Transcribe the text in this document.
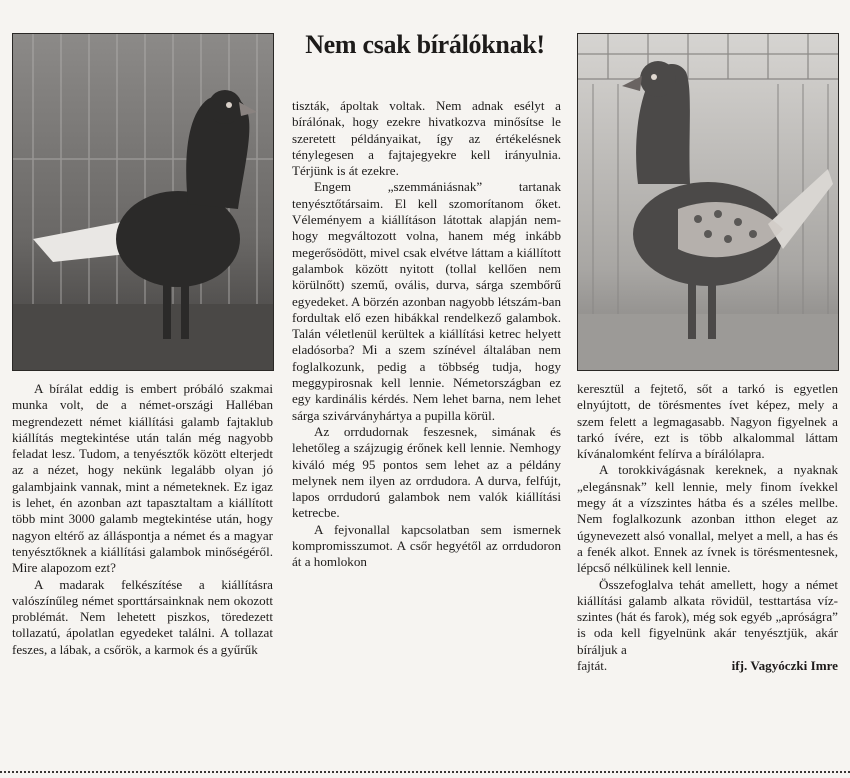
Nem csak bírálóknak!

tiszták, ápoltak voltak. Nem adnak esélyt a bírálónak, hogy ezekre hivatkozva minősítse le szeretett példányaikat, így az értékelésnek ténylegesen a fajtajegyekre kell irányulnia. Térjünk is át ezekre.

Engem „szemmániásnak” tartanak tenyésztőtársaim. El kell szomorítanom őket. Véleményem a kiállításon látottak alapján nem-hogy megváltozott volna, hanem még inkább megerősödött, mivel csak elvétve láttam a kiállított galambok között nyitott (tollal kellően nem körülnőtt) szemű, ovális, durva, sárga szembőrű egyedeket. A börzén azonban nagyobb létszám-ban fordultak elő ezen hibákkal rendelkező galambok. Talán véletlenül kerültek a kiállítási ketrec helyett eladósorba? Mi a szem színével általában nem foglalkozunk, pedig a többség tudja, hogy meggypirosnak kell lennie. Németországban ez egy kardinális kérdés. Nem lehet barna, nem lehet sárga szivárványhártya a pupilla körül.

Az orrdudornak feszesnek, simának és lehetőleg a szájzugig érőnek kell lennie. Nemhogy kiváló még 95 pontos sem lehet az a példány melynek nem ilyen az orrdudora. A durva, felfújt, lapos orrdudorú galambok nem valók kiállítási ketrecbe.

A fejvonallal kapcsolatban sem ismernek kompromisszumot. A csőr hegyétől az orrdudoron át a homlokon

A bírálat eddig is embert próbáló szakmai munka volt, de a német-országi Halléban megrendezett német kiállítási galamb fajtaklub kiállítás megtekintése után talán még nagyobb feladat lesz. Tudom, a tenyésztők között elterjedt az a nézet, hogy nekünk legalább olyan jó galambjaink vannak, mint a németeknek. Ez igaz is lehet, én azonban azt tapasztaltam a kiállított több mint 3000 galamb megtekintése után, hogy nagyon eltérő az álláspontja a német és a magyar tenyésztőknek a kiállítási galambok minőségéről. Mire alapozom ezt?

A madarak felkészítése a kiállításra valószínűleg német sporttársainknak nem okozott problémát. Nem lehetett piszkos, töredezett tollazatú, ápolatlan egyedeket találni. A tollazat feszes, a lábak, a csőrök, a karmok és a gyűrűk

keresztül a fejtető, sőt a tarkó is egyetlen elnyújtott, de törésmentes ívet képez, mely a szem felett a legmagasabb. Nagyon figyelnek a tarkó ívére, ezt is több alkalommal láttam kívánalomként felírva a bírálólapra.

A torokkivágásnak kereknek, a nyaknak „elegánsnak” kell lennie, mely finom ívekkel megy át a vízszintes hátba és a széles mellbe. Nem foglalkozunk azonban itthon eleget az úgynevezett alsó vonallal, melyet a mell, a has és a fenék alkot. Ennek az ívnek is törésmentesnek, lépcső nélkülinek kell lennie.

Összefoglalva tehát amellett, hogy a német kiállítási galamb alkata rövidül, testtartása víz-szintes (hát és farok), még sok egyéb „apróságra” is oda kell figyelnünk akár tenyésztjük, akár bíráljuk a

fajtát.	ifj. Vagyóczki Imre
